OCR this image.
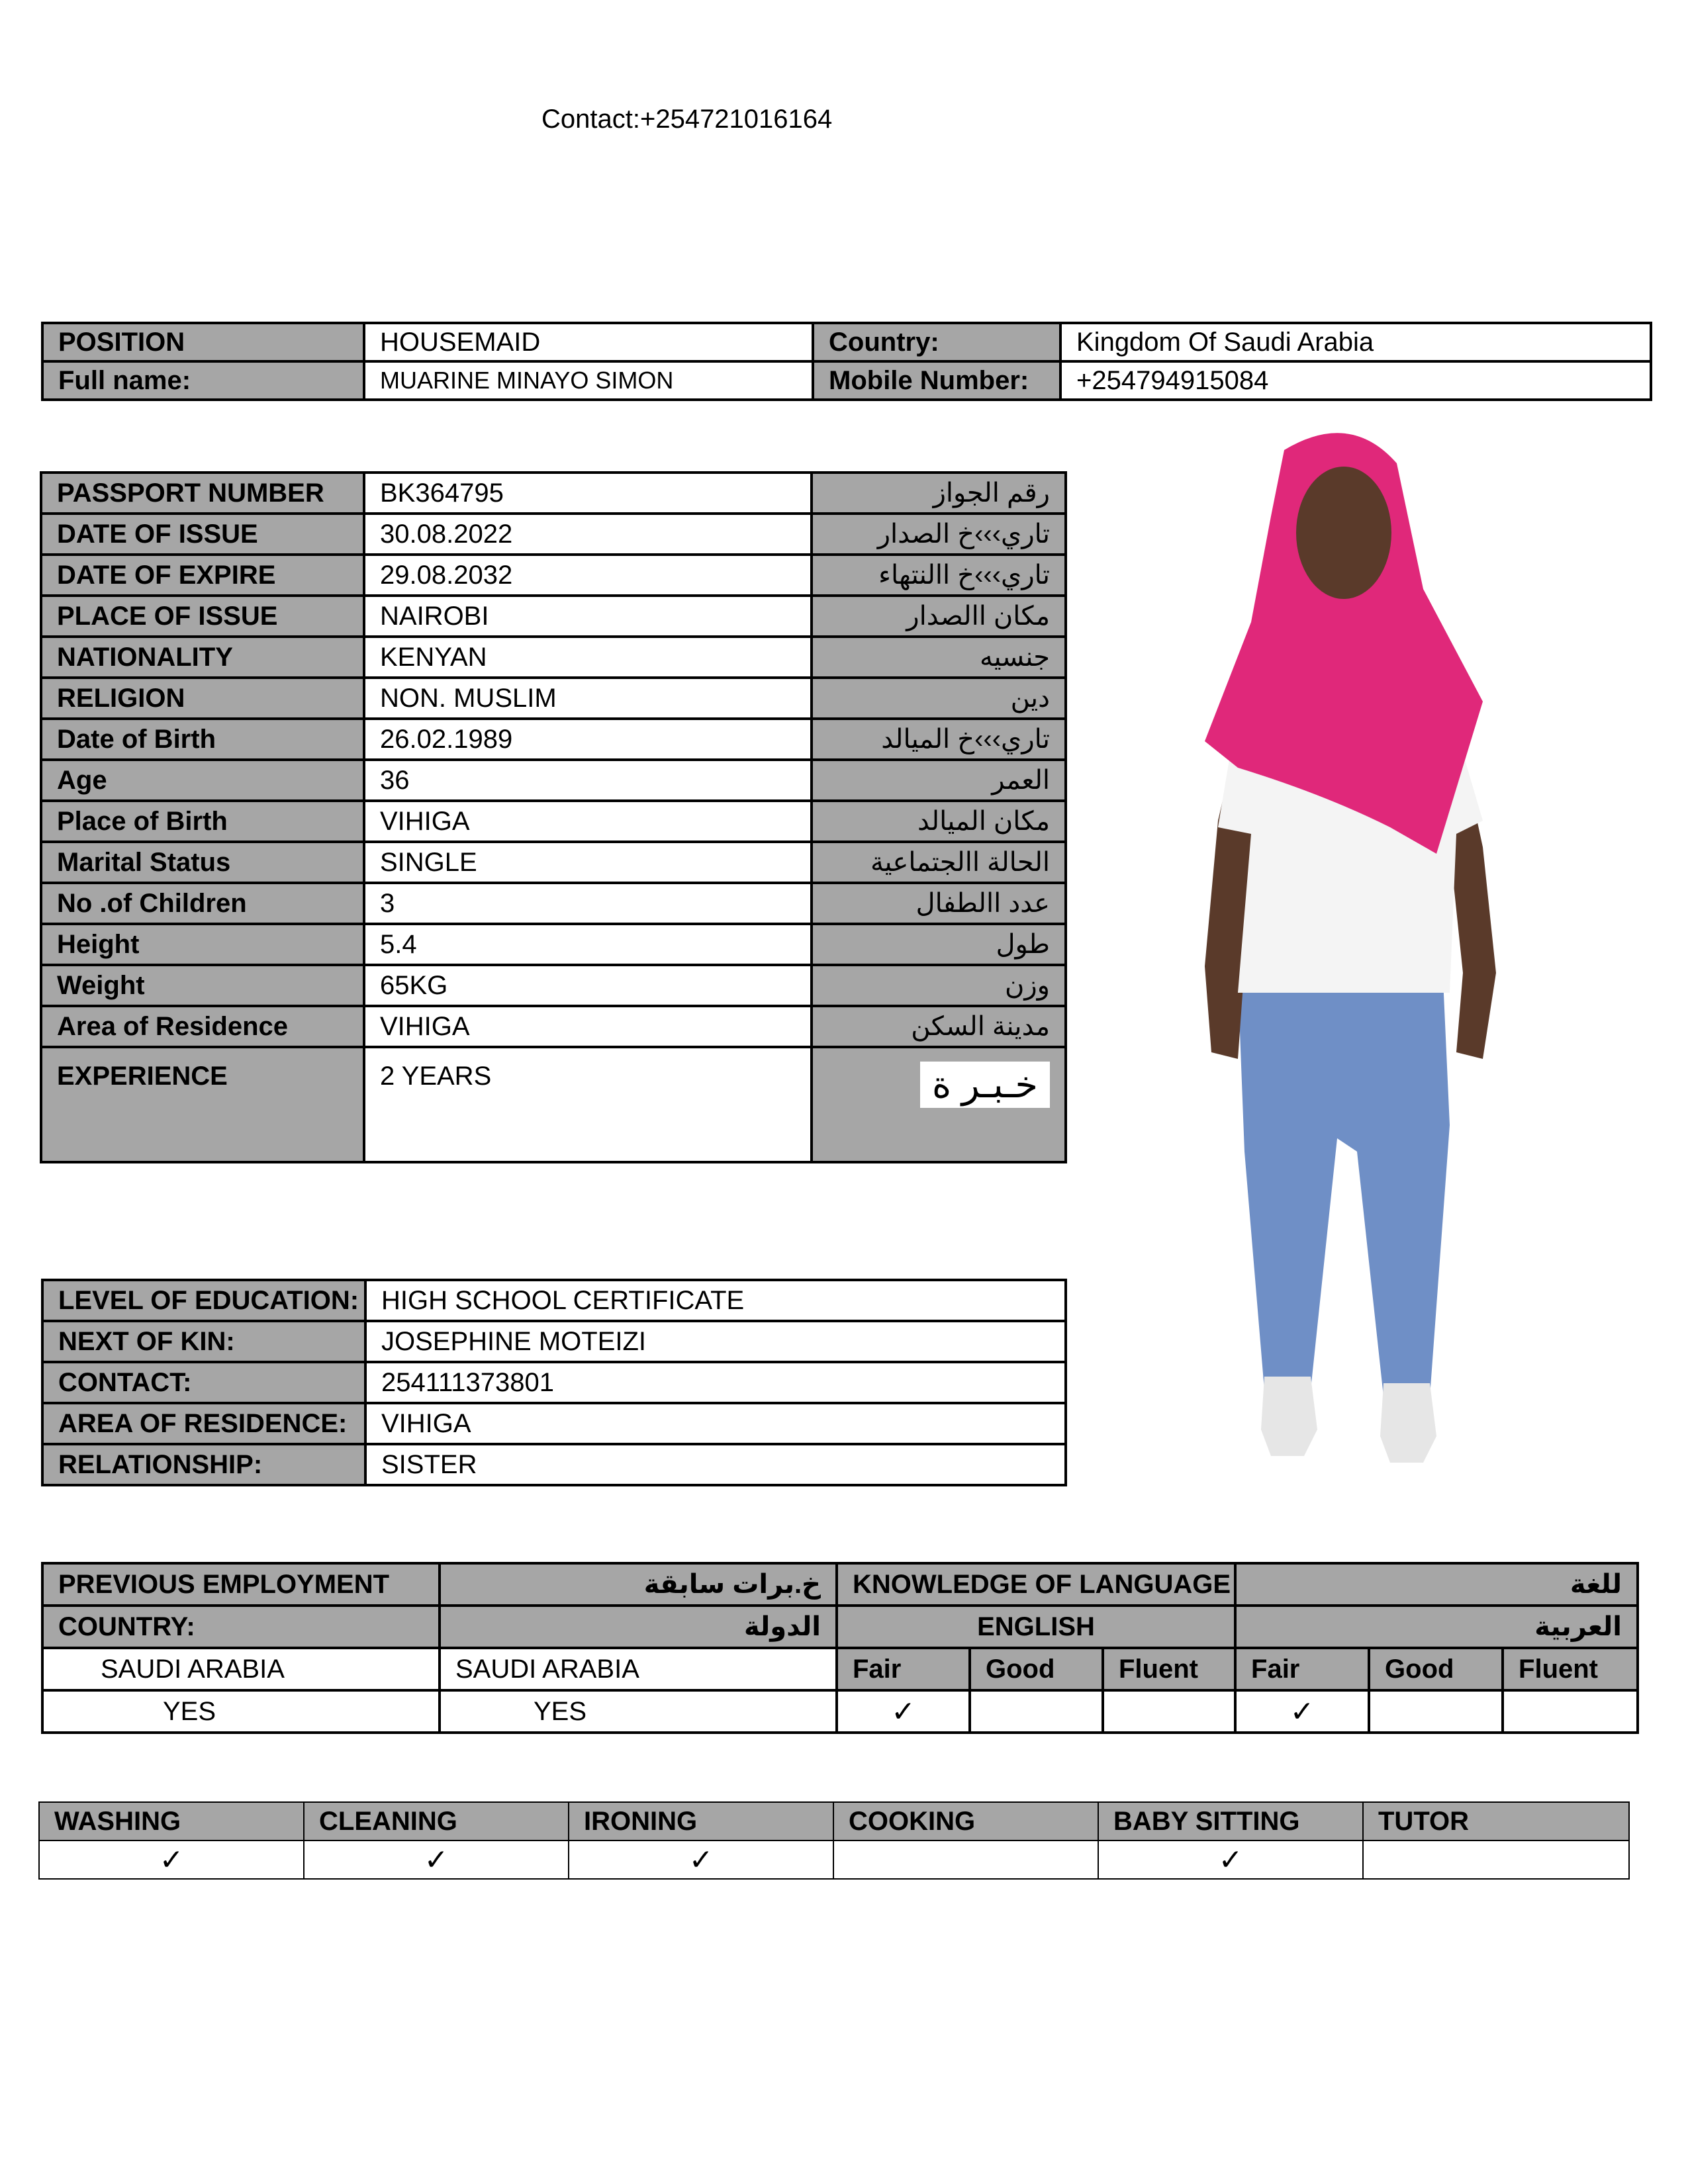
Contact:+254721016164
POSITION	HOUSEMAID	Country:	Kingdom Of Saudi Arabia
Full name:	MUARINE MINAYO SIMON	Mobile Number:	+254794915084
PASSPORT NUMBER	BK364795	رقم الجواز
DATE OF ISSUE	30.08.2022	تاري›››خ الصدار
DATE OF EXPIRE	29.08.2032	تاري›››خ االنتهاء
PLACE OF ISSUE	NAIROBI	مكان االصدار
NATIONALITY	KENYAN	جنسيه
RELIGION	NON. MUSLIM	دين
Date of Birth	26.02.1989	تاري›››خ الميالد
Age	36	العمر
Place of Birth	VIHIGA	مكان الميالد
Marital Status	SINGLE	الحالة االجتماعية
No .of Children	3	عدد االطفال
Height	5.4	طول
Weight	65KG	وزن
Area of Residence	VIHIGA	مدينة السكن
EXPERIENCE	2 YEARS	خـبـر ة
LEVEL OF EDUCATION:	HIGH SCHOOL CERTIFICATE
NEXT OF KIN:	JOSEPHINE MOTEIZI
CONTACT:	254111373801
AREA OF RESIDENCE:	VIHIGA
RELATIONSHIP:	SISTER
PREVIOUS EMPLOYMENT	خ.برات سابقة	KNOWLEDGE OF LANGUAGE			للغة		
COUNTRY:	الدولة	ENGLISH			العربية		
SAUDI ARABIA	SAUDI ARABIA	Fair	Good	Fluent	Fair	Good	Fluent
YES	YES	✓			✓		
WASHING	CLEANING	IRONING	COOKING	BABY SITTING	TUTOR
✓	✓	✓		✓	
